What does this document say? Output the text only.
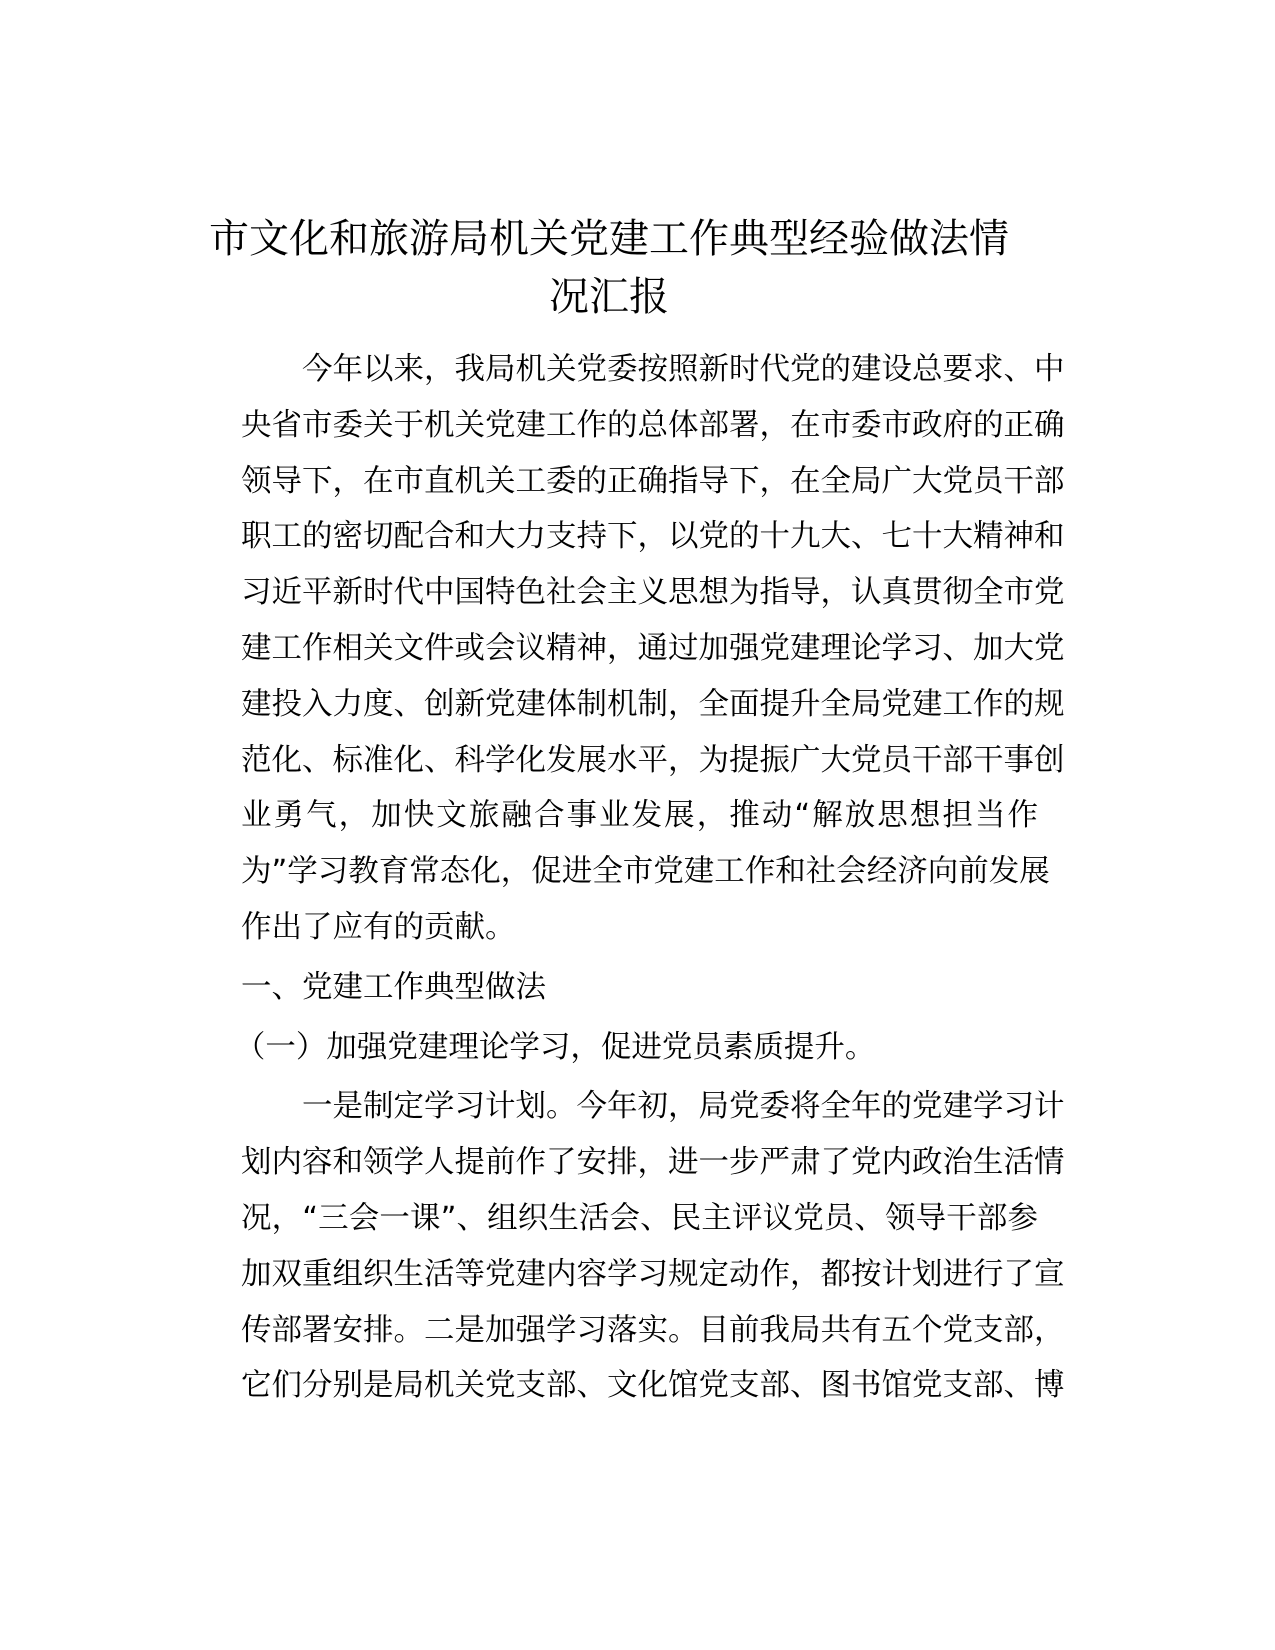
市文化和旅游局机关党建工作典型经验做法情
况汇报

今年以来，我局机关党委按照新时代党的建设总要求、中
央省市委关于机关党建工作的总体部署，在市委市政府的正确
领导下，在市直机关工委的正确指导下，在全局广大党员干部
职工的密切配合和大力支持下，以党的十九大、七十大精神和
习近平新时代中国特色社会主义思想为指导，认真贯彻全市党
建工作相关文件或会议精神，通过加强党建理论学习、加大党
建投入力度、创新党建体制机制，全面提升全局党建工作的规
范化、标准化、科学化发展水平，为提振广大党员干部干事创
业勇气，加快文旅融合事业发展，推动“解放思想担当作
为”学习教育常态化，促进全市党建工作和社会经济向前发展
作出了应有的贡献。

一、党建工作典型做法

（一）加强党建理论学习，促进党员素质提升。

一是制定学习计划。今年初，局党委将全年的党建学习计
划内容和领学人提前作了安排，进一步严肃了党内政治生活情
况，“三会一课”、组织生活会、民主评议党员、领导干部参
加双重组织生活等党建内容学习规定动作，都按计划进行了宣
传部署安排。二是加强学习落实。目前我局共有五个党支部，
它们分别是局机关党支部、文化馆党支部、图书馆党支部、博
